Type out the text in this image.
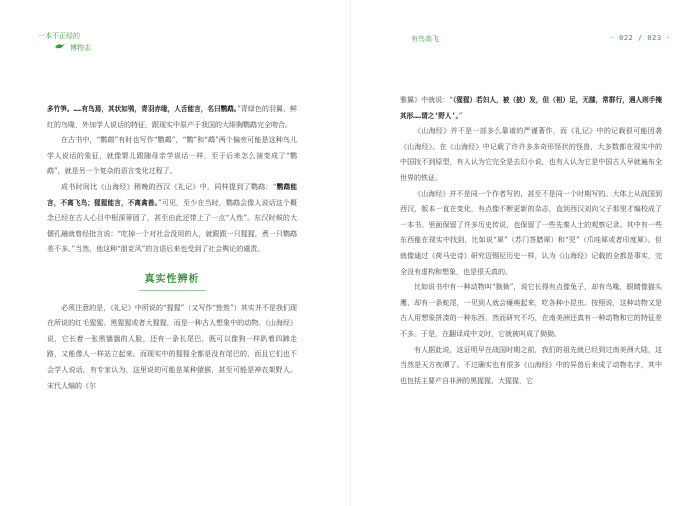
一本不正经的
博物志

多竹笋。……有鸟焉，其状如鸮，青羽赤喙，人舌能言，名曰鹦鹉。”青绿色的羽翼、鲜红的鸟喙，外加学人说话的特征，跟现实中原产于我国的大绯胸鹦鹉完全吻合。

在古书中，“鹦鹉”有时也写作“鹦鵡”，“鹦”和“鵡”两个偏旁可能是这种鸟儿学人说话的象征，就像婴儿跟随母亲学说话一样，至于后来怎么演变成了“鹦鹉”，就是另一个复杂的语言变化过程了。

成书时间比《山海经》稍晚的西汉《礼记》中，同样提到了鹦鹉：“鹦鹉能言，不离飞鸟；猩猩能言，不离禽兽。”可见，至少在当时，鹦鹉会像人说话这个概念已经在古人心目中根深蒂固了，甚至由此还带上了一点“人性”。东汉时候的大儒孔融就曾经批言说：“吃掉一个对社会没用的人，就跟跟一只猩猩，煮一只鹦鹉差不多。”当然，他这种“朋克风”的言语后来也受到了社会舆论的谴责。

真实性辨析

必须注意的是，《礼记》中所说的“猩猩”（又写作“甡甡”）其实并不是我们现在所说的红毛猩猩、黑猩猩或者大猩猩，而是一种古人想象中的动物。《山海经》说，它长着一张黑貒貒的人脸，还有一条长尾巴，既可以像狗一样趴着四蹄走路，又能像人一样站立起来。而现实中的猩猩全都是没有尾巴的，而且它们也不会学人说话，有专家认为，这里说的可能是某种猿猴，甚至可能是神农架野人。宋代人编的《尔

有鸟高飞	· 022 / 023 ·

雅翼》中就说：“（猩猩）若妇人，被（披）发，但（袒）足，无膝，常群行，遇人则手掩其形……谓之‘野人’。”

《山海经》并不是一部多么靠谱的严谨著作，而《礼记》中的记载很可能因袭《山海经》。在《山海经》中记载了许许多多奇形怪状的怪兽，大多数都在现实中的中国找不到原型，有人认为它完全是去幻小说，也有人认为它是中国古人早就遍布全世界的铁证。

《山海经》并不是同一个作者写的，甚至不是同一个时期写的。大体上从战国到西汉，版本一直在变化，有点像不断更新的杂志，直到西汉刘向父子那里才编校成了一本书。里面保留了许多历史传说，也保留了一些先秦人士的观察记录。其中有一些东西能在现实中找到，比如说“犀”（苏门答腊犀）和“兕”（爪哇犀或者印度犀）。但就像通过《荷马史诗》研究迈锡尼历史一样，认为《山海经》记载的全都是事实，完全没有虚构和想象，也是很天真的。

比如说书中有一种动物叫“狕狕”，说它长得有点像兔子，却有鸟喙，眼睛像猫头鹰，却有一条蛇尾，一见到人就会瘫痪起来，吃各种小昆虫。按照说，这种动物又是古人用想象拼凑的一种东西，然而研究不巧，在南美洲还真有一种动物和它的特征差不多。于是，在翻译成中文时，它就被叫成了狕狕。

有人据此说，这证明早在战国时期之前，我们的祖先就已经到过南美洲大陆，这当然是天方夜谭了。不过确实也有很多《山海经》中的异兽后来成了动物名字，其中也包括主要产自非洲的黑猩猩、大猩猩，它
